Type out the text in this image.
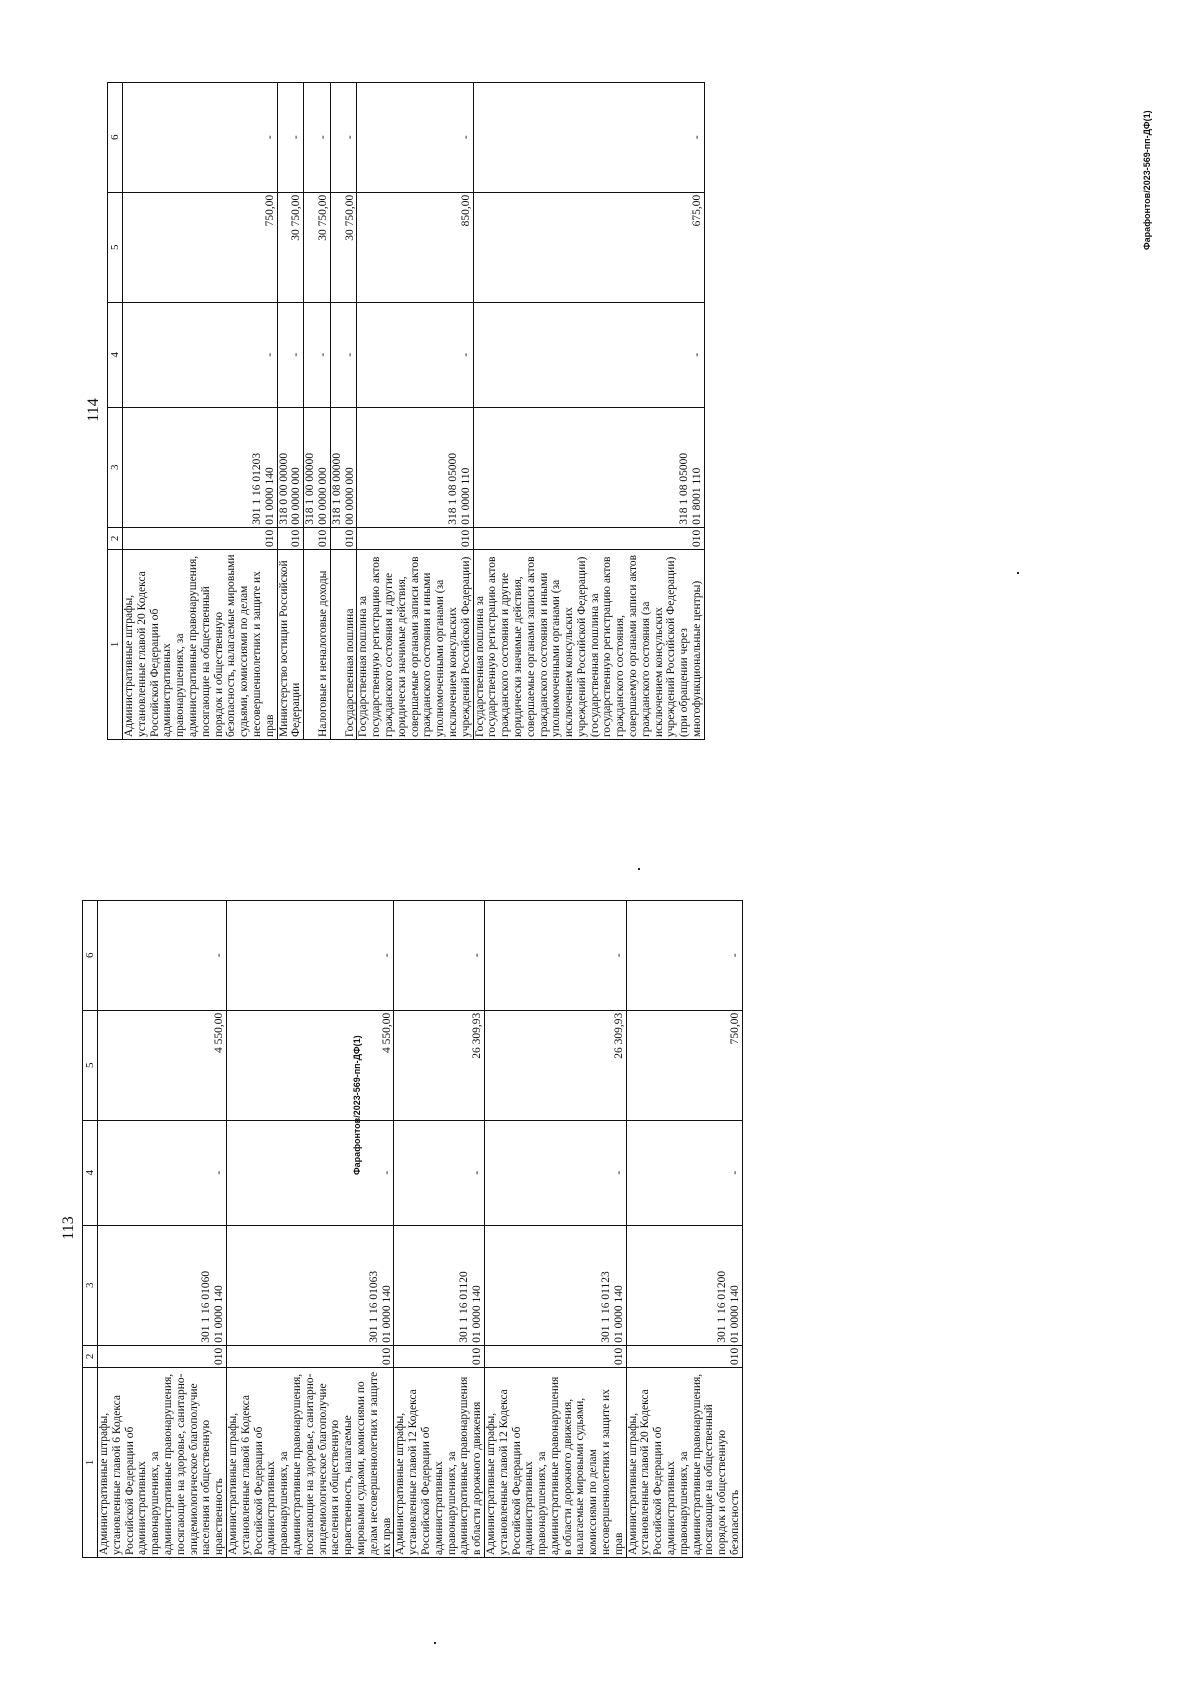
113
1	2	3	4	5	6
Административные штрафы, установленные главой 6 Кодекса Российской Федерации об административных правонарушениях, за административные правонарушения, посягающие на здоровье, санитарно-эпидемиологическое благополучие населения и общественную нравственность	010	301 1 16 01060
01 0000 140	-	4 550,00	-
Административные штрафы, установленные главой 6 Кодекса Российской Федерации об административных правонарушениях, за административные правонарушения, посягающие на здоровье, санитарно-эпидемиологическое благополучие населения и общественную нравственность, налагаемые мировыми судьями, комиссиями по делам несовершеннолетних и защите их прав	010	301 1 16 01063
01 0000 140	-	4 550,00	-
Административные штрафы, установленные главой 12 Кодекса Российской Федерации об административных правонарушениях, за административные правонарушения в области дорожного движения	010	301 1 16 01120
01 0000 140	-	26 309,93	-
Административные штрафы, установленные главой 12 Кодекса Российской Федерации об административных правонарушениях, за административные правонарушения в области дорожного движения, налагаемые мировыми судьями, комиссиями по делам несовершеннолетних и защите их прав	010	301 1 16 01123
01 0000 140	-	26 309,93	-
Административные штрафы, установленные главой 20 Кодекса Российской Федерации об административных правонарушениях, за административные правонарушения, посягающие на общественный порядок и общественную безопасность	010	301 1 16 01200
01 0000 140	-	750,00	-
114
1	2	3	4	5	6
Административные штрафы, установленные главой 20 Кодекса Российской Федерации об административных правонарушениях, за административные правонарушения, посягающие на общественный порядок и общественную безопасность, налагаемые мировыми судьями, комиссиями по делам несовершеннолетних и защите их прав	010	301 1 16 01203
01 0000 140	-	750,00	-
Министерство юстиции Российской Федерации	010	318 0 00 00000
00 0000 000	-	30 750,00	-
Налоговые и неналоговые доходы	010	318 1 00 00000
00 0000 000	-	30 750,00	-
Государственная пошлина	010	318 1 08 00000
00 0000 000	-	30 750,00	-
Государственная пошлина за государственную регистрацию актов гражданского состояния и другие юридически значимые действия, совершаемые органами записи актов гражданского состояния и иными уполномоченными органами (за исключением консульских учреждений Российской Федерации)	010	318 1 08 05000
01 0000 110	-	850,00	-
Государственная пошлина за государственную регистрацию актов гражданского состояния и другие юридически значимые действия, совершаемые органами записи актов гражданского состояния и иными уполномоченными органами (за исключением консульских учреждений Российской Федерации) (государственная пошлина за государственную регистрацию актов гражданского состояния, совершаемую органами записи актов гражданского состояния (за исключением консульских учреждений Российской Федерации) (при обращении через многофункциональные центры)	010	318 1 08 05000
01 8001 110	-	675,00	-
Фарафонтов/2023-569-пп-ДФ(1)
Фарафонтов/2023-569-пп-ДФ(1)
